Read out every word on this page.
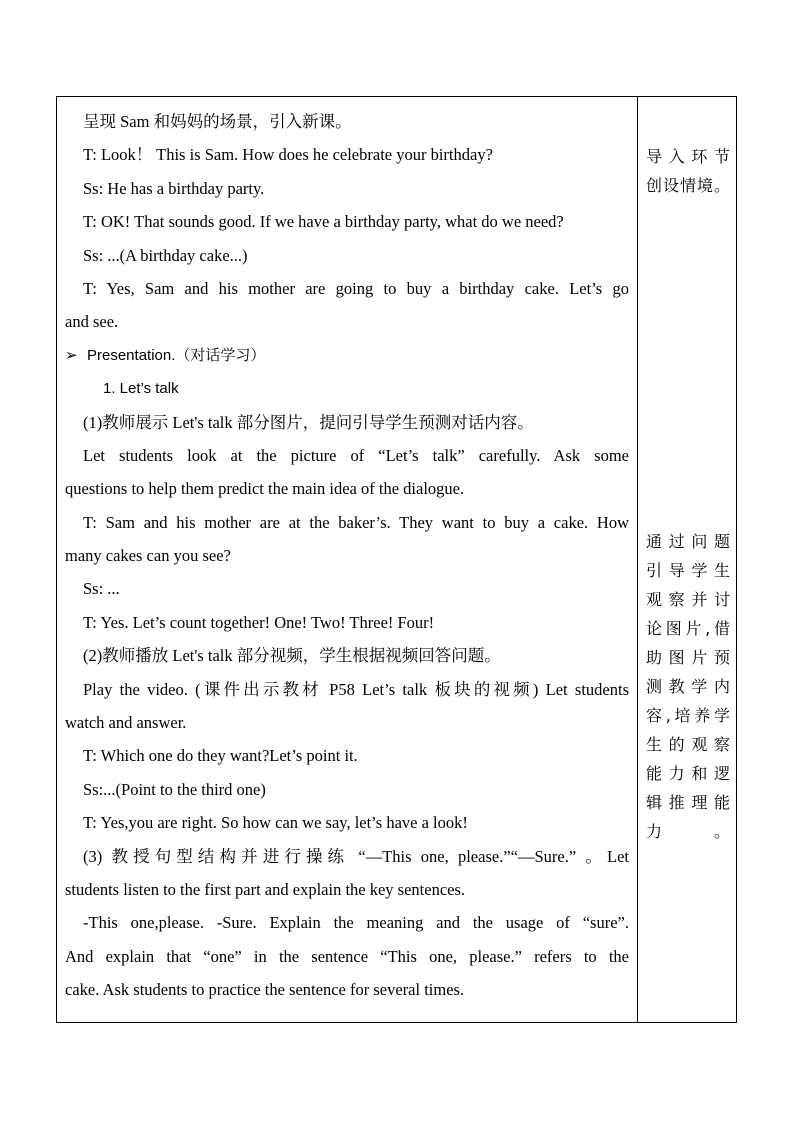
呈现 Sam 和妈妈的场景，引入新课。
T: Look！ This is Sam. How does he celebrate your birthday?
Ss: He has a birthday party.
T: OK! That sounds good. If we have a birthday party, what do we need?
Ss: ...(A birthday cake...)
T: Yes, Sam and his mother are going to buy a birthday cake. Let’s go
and see.
➢ Presentation.（对话学习）
1. Let’s talk
(1)教师展示 Let's talk 部分图片，提问引导学生预测对话内容。
Let students look at the picture of “Let’s talk” carefully. Ask some
questions to help them predict the main idea of the dialogue.
T: Sam and his mother are at the baker’s. They want to buy a cake. How
many cakes can you see?
Ss: ...
T: Yes. Let’s count together! One! Two! Three! Four!
(2)教师播放 Let's talk 部分视频，学生根据视频回答问题。
Play the video. (课件出示教材 P58 Let’s talk 板块的视频) Let students
watch and answer.
T: Which one do they want?Let’s point it.
Ss:...(Point to the third one)
T: Yes,you are right. So how can we say, let’s have a look!
(3) 教授句型结构并进行操练 “—This one, please.”“—Sure.” 。Let
students listen to the first part and explain the key sentences.
-This one,please. -Sure. Explain the meaning and the usage of “sure”.
And explain that “one” in the sentence “This one, please.” refers to the
cake. Ask students to practice the sentence for several times.
导入环节
创设情境。
通过问题
引导学生
观察并讨
论图片,借
助图片预
测教学内
容,培养学
生的观察
能力和逻
辑推理能
力。
